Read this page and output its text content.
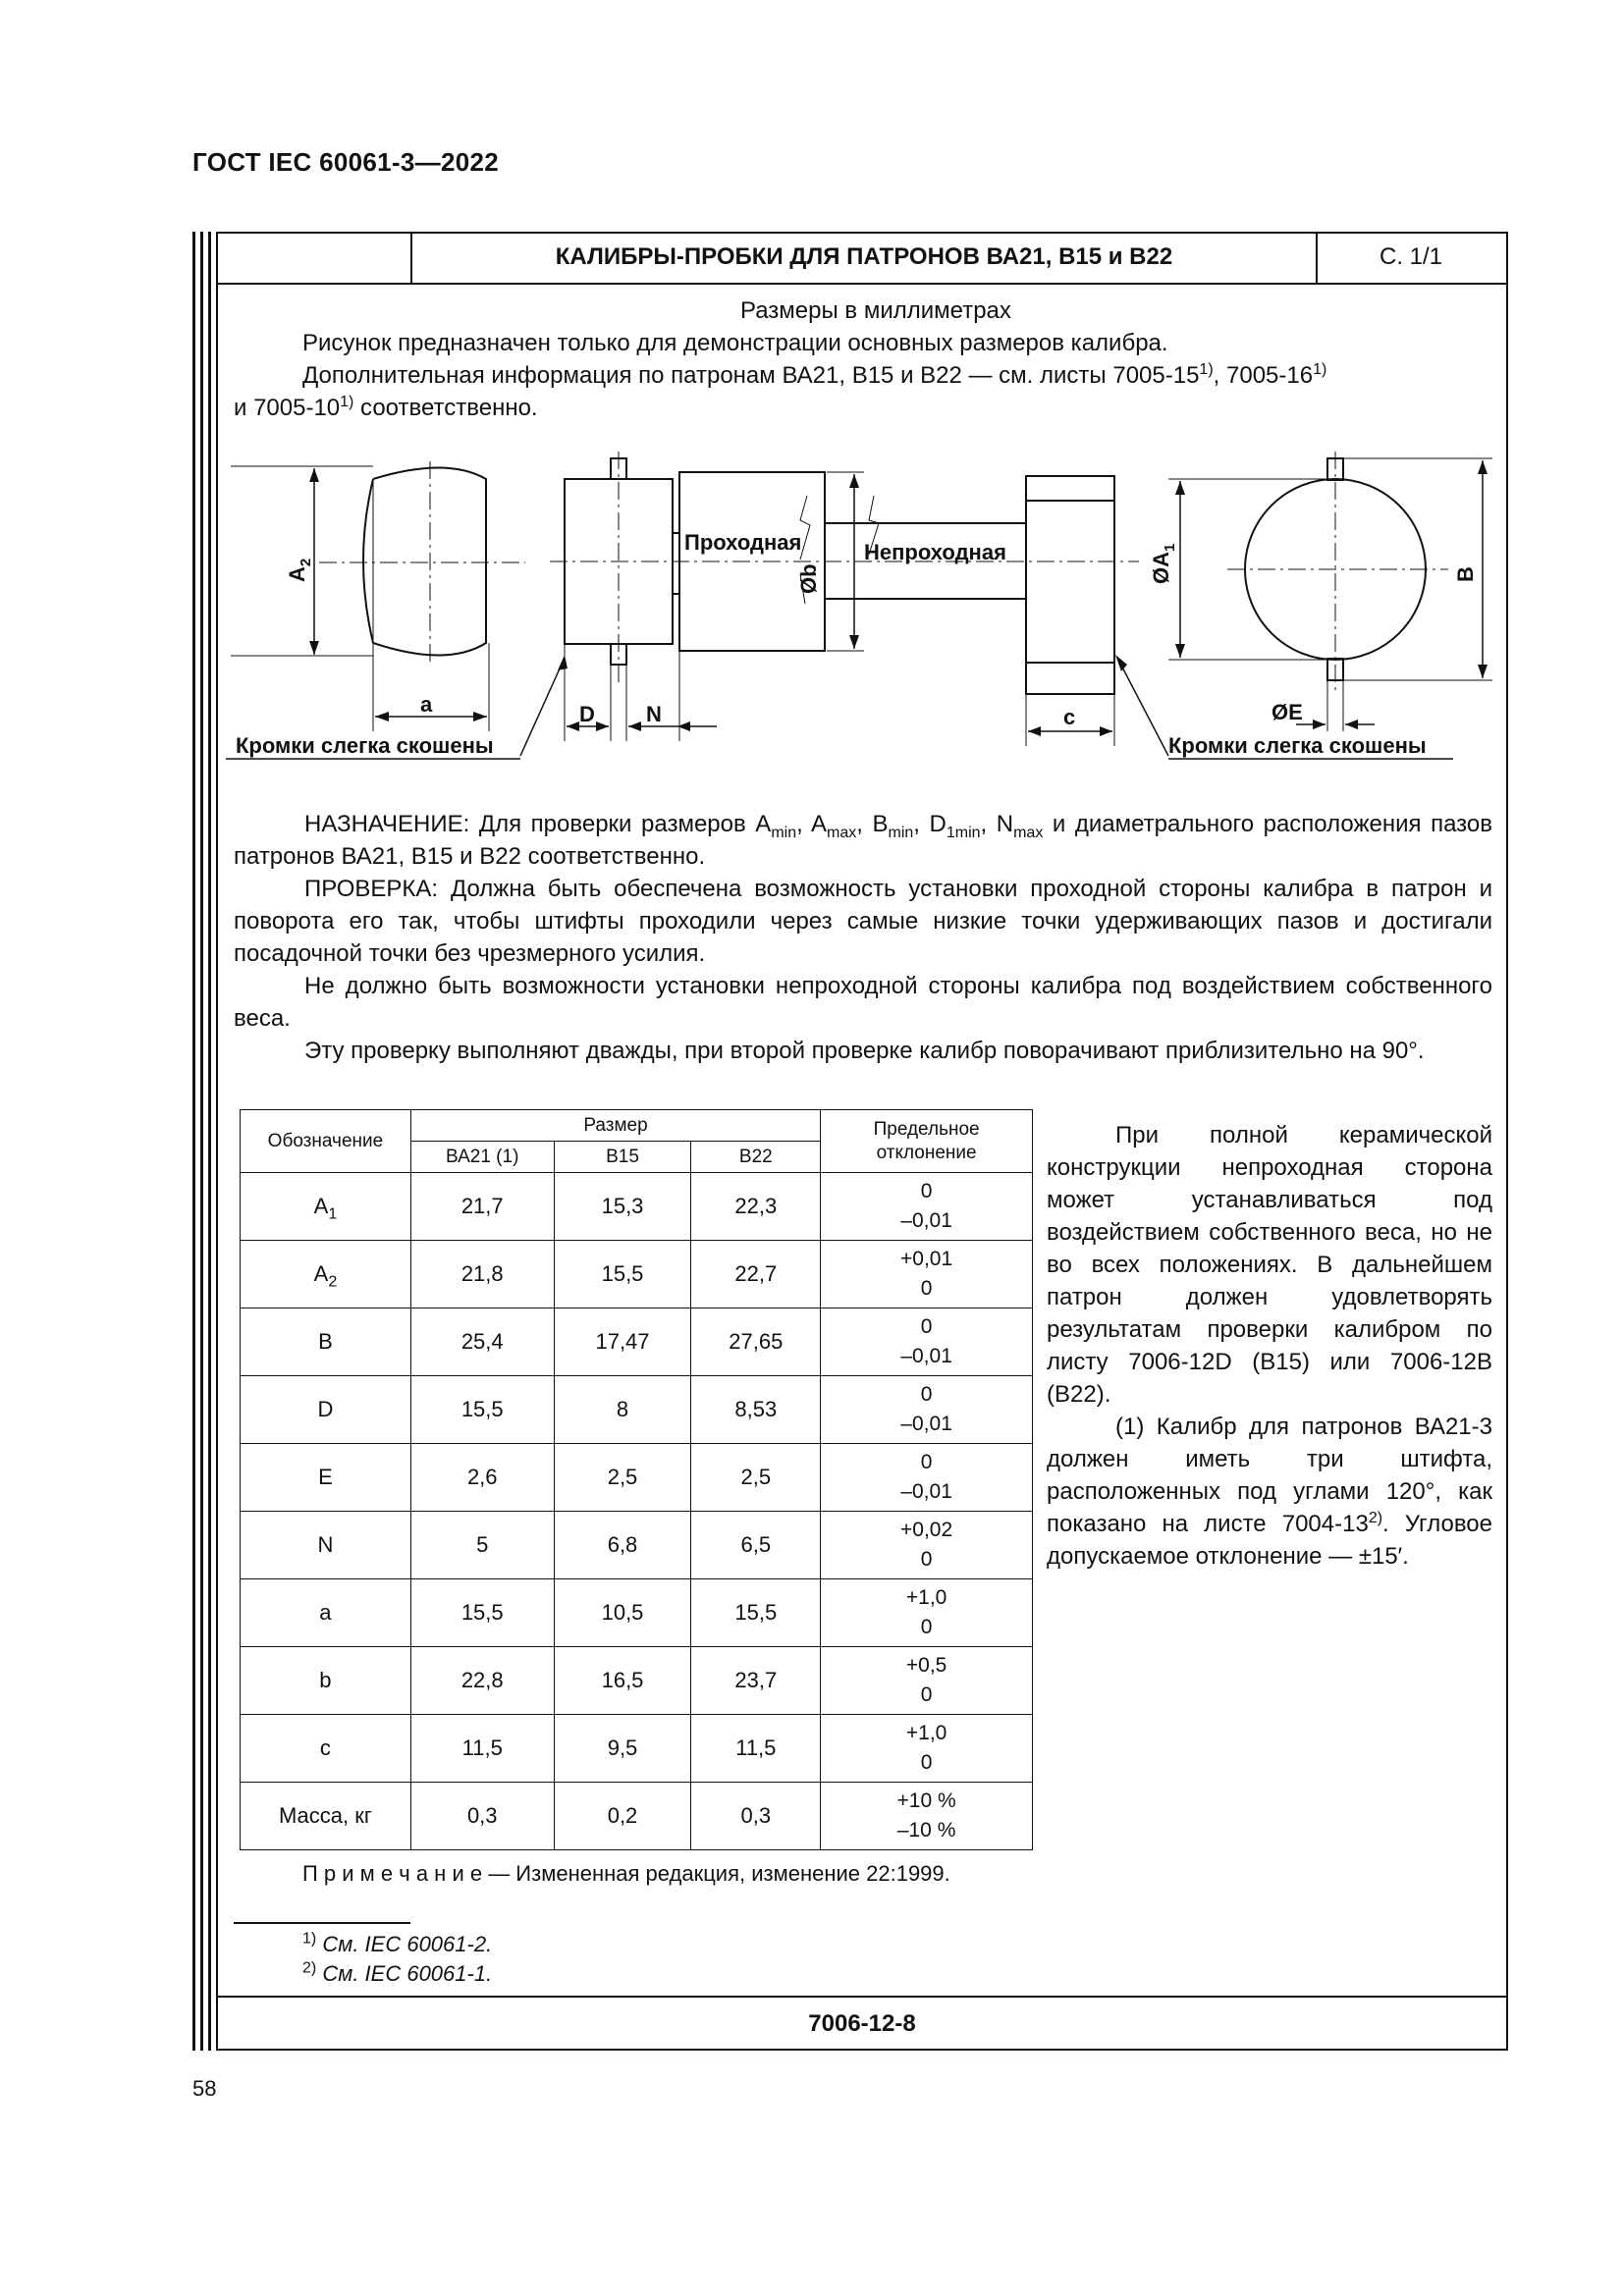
ГОСТ IEC 60061-3—2022
КАЛИБРЫ-ПРОБКИ ДЛЯ ПАТРОНОВ ВА21, В15 и В22	С. 1/1
Размеры в миллиметрах
Рисунок предназначен только для демонстрации основных размеров калибра.
Дополнительная информация по патронам ВА21, В15 и В22 — см. листы 7005-15$^{1)}$, 7005-16$^{1)}$
и 7005-10$^{1)}$ соответственно.
$A_2$
a	D N
Проходная
Øb
Непроходная
c
$ØA_1$
B
ØE
Кромки слегка скошены	Кромки слегка скошены
НАЗНАЧЕНИЕ: Для проверки размеров $A_{min}$, $A_{max}$, $B_{min}$, $D_{1min}$, $N_{max}$ и диаметрального расположения пазов патронов ВА21, В15 и В22 соответственно.
ПРОВЕРКА: Должна быть обеспечена возможность установки проходной стороны калибра в патрон и поворота его так, чтобы штифты проходили через самые низкие точки удерживающих пазов и достигали посадочной точки без чрезмерного усилия.
Не должно быть возможности установки непроходной стороны калибра под воздействием собственного веса.
Эту проверку выполняют дважды, при второй проверке калибр поворачивают приблизительно на 90°.
Обозначение	Размер			Предельное отклонение
	ВА21 (1)	В15	В22	
$A_1$	21,7	15,3	22,3	0
–0,01

$A_2$	21,8	15,5	22,7	+0,01
0

B	25,4	17,47	27,65	0
–0,01

D	15,5	8	8,53	0
–0,01

E	2,6	2,5	2,5	0
–0,01

N	5	6,8	6,5	+0,02
0

a	15,5	10,5	15,5	+1,0
0

b	22,8	16,5	23,7	+0,5
0

c	11,5	9,5	11,5	+1,0
0

Масса, кг	0,3	0,2	0,3	+10 %
–10 %
При полной керамической конструкции непроходная сторона может устанавливаться под воздействием собственного веса, но не во всех положениях. В дальнейшем патрон должен удовлетворять результатам проверки калибром по листу 7006-12D (B15) или 7006-12B (B22).
(1) Калибр для патронов ВА21-3 должен иметь три штифта, расположенных под углами 120°, как показано на листе 7004-13$^{2)}$. Угловое допускаемое отклонение — ±15′.
П р и м е ч а н и е — Измененная редакция, изменение 22:1999.
$^{1)}$ См. IEC 60061-2.
$^{2)}$ См. IEC 60061-1.
7006-12-8
58
